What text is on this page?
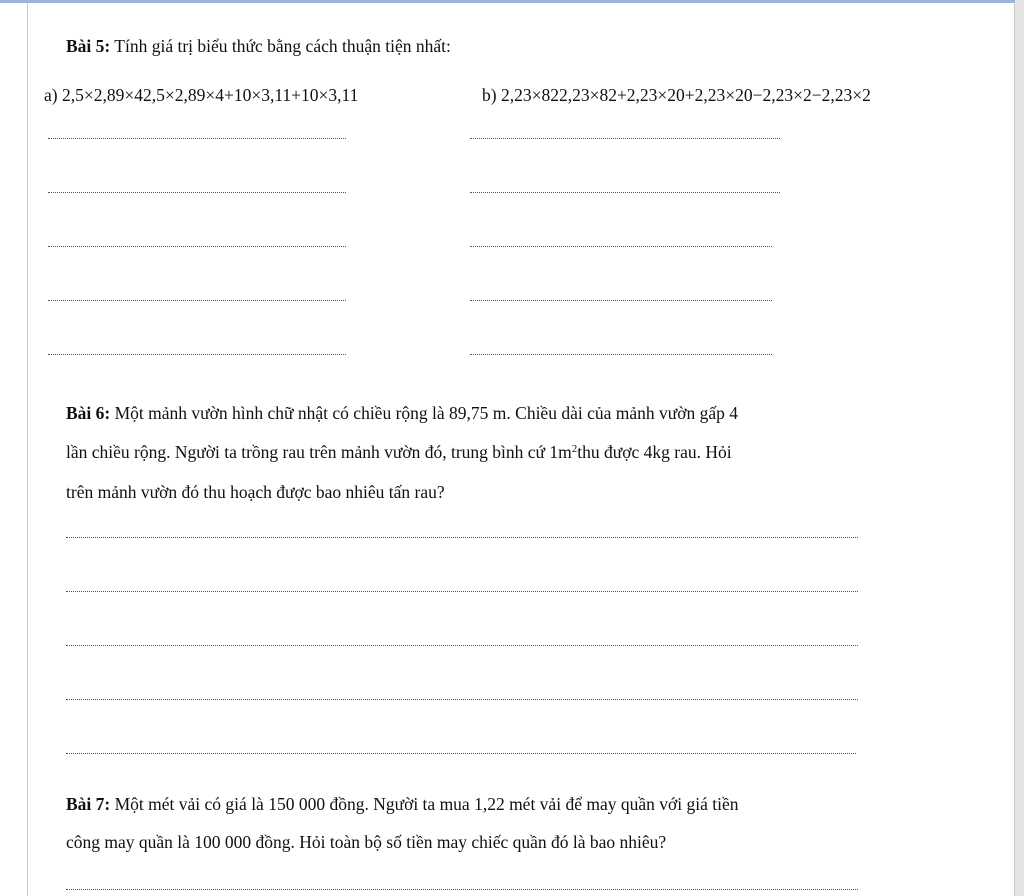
Bài 5: Tính giá trị biểu thức bằng cách thuận tiện nhất:
a) 2,5×2,89×42,5×2,89×4+10×3,11+10×3,11	b) 2,23×822,23×82+2,23×20+2,23×20−2,23×2−2,23×2
Bài 6: Một mảnh vườn hình chữ nhật có chiều rộng là 89,75 m. Chiều dài của mảnh vườn gấp 4
lần chiều rộng. Người ta trồng rau trên mảnh vườn đó, trung bình cứ $1m^2thu$ được 4kg rau. Hỏi
trên mảnh vườn đó thu hoạch được bao nhiêu tấn rau?
Bài 7: Một mét vải có giá là 150 000 đồng. Người ta mua 1,22 mét vải để may quần với giá tiền
công may quần là 100 000 đồng. Hỏi toàn bộ số tiền may chiếc quần đó là bao nhiêu?
